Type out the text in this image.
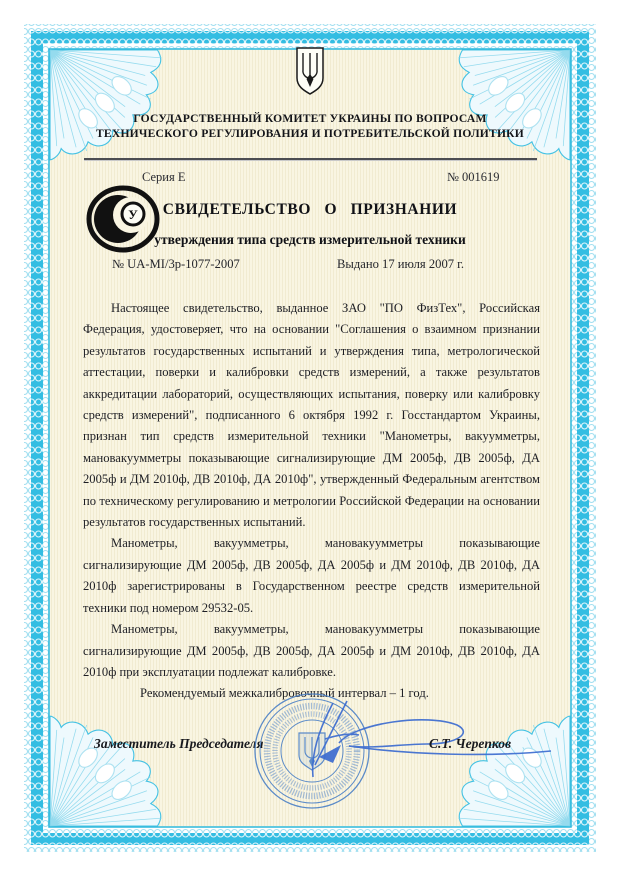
ГОСУДАРСТВЕННЫЙ КОМИТЕТ УКРАИНЫ ПО ВОПРОСАМ
ТЕХНИЧЕСКОГО РЕГУЛИРОВАНИЯ И ПОТРЕБИТЕЛЬСКОЙ ПОЛИТИКИ
Серия Е	№ 001619
У	СВИДЕТЕЛЬСТВО О ПРИЗНАНИИ
утверждения типа средств измерительной техники
№ UA-MI/3p-1077-2007	Выдано 17 июля 2007 г.

Настоящее свидетельство, выданное ЗАО "ПО ФизТех", Российская Федерация, удостоверяет, что на основании "Соглашения о взаимном признании результатов государственных испытаний и утверждения типа, метрологической аттестации, поверки и калибровки средств измерений, а также результатов аккредитации лабораторий, осуществляющих испытания, поверку или калибровку средств измерений", подписанного 6 октября 1992 г. Госстандартом Украины, признан тип средств измерительной техники "Манометры, вакуумметры, мановакуумметры показывающие сигнализирующие ДМ 2005ф, ДВ 2005ф, ДА 2005ф и ДМ 2010ф, ДВ 2010ф, ДА 2010ф", утвержденный Федеральным агентством по техническому регулированию и метрологии Российской Федерации на основании результатов государственных испытаний.

Манометры, вакуумметры, мановакуумметры показывающие сигнализирующие ДМ 2005ф, ДВ 2005ф, ДА 2005ф и ДМ 2010ф, ДВ 2010ф, ДА 2010ф зарегистрированы в Государственном реестре средств измерительной техники под номером 29532-05.

Манометры, вакуумметры, мановакуумметры показывающие сигнализирующие ДМ 2005ф, ДВ 2005ф, ДА 2005ф и ДМ 2010ф, ДВ 2010ф, ДА 2010ф при эксплуатации подлежат калибровке.

Рекомендуемый межкалибровочный интервал – 1 год.

Заместитель Председателя	С.Т. Черепков
